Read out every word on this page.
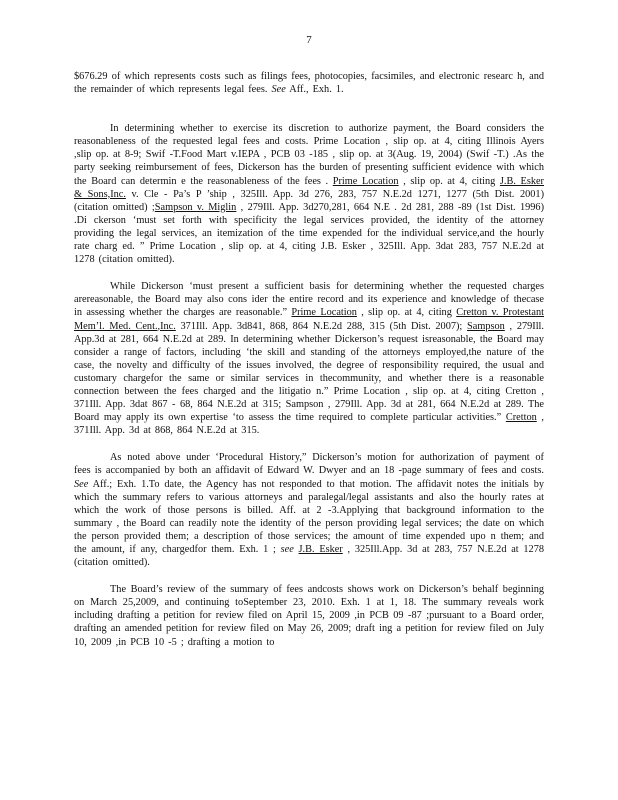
7

$676.29 of which represents costs such as filings fees, photocopies, facsimiles, and electronic researc h, and the remainder of which represents legal fees. See Aff., Exh. 1.

In determining whether to exercise its discretion to authorize payment, the Board considers the reasonableness of the requested legal fees and costs. Prime Location , slip op. at 4, citing Illinois Ayers ,slip op. at 8-9; Swif -T.Food Mart v.IEPA , PCB 03 -185 , slip op. at 3(Aug. 19, 2004) (Swif -T.) .As the party seeking reimbursement of fees, Dickerson has the burden of presenting sufficient evidence with which the Board can determin e the reasonableness of the fees . Prime Location , slip op. at 4, citing J.B. Esker & Sons,Inc. v. Cle - Pa’s P ’ship , 325Ill. App. 3d 276, 283, 757 N.E.2d 1271, 1277 (5th Dist. 2001) (citation omitted) ;Sampson v. Miglin , 279Ill. App. 3d270,281, 664 N.E . 2d 281, 288 -89 (1st Dist. 1996) .Di ckerson ‘must set forth with specificity the legal services provided, the identity of the attorney providing the legal services, an itemization of the time expended for the individual service,and the hourly rate charg ed. ” Prime Location , slip op. at 4, citing J.B. Esker , 325Ill. App. 3dat 283, 757 N.E.2d at 1278 (citation omitted).

While Dickerson ‘must present a sufficient basis for determining whether the requested charges arereasonable, the Board may also cons ider the entire record and its experience and knowledge of thecase in assessing whether the charges are reasonable.” Prime Location , slip op. at 4, citing Cretton v. Protestant Mem’l. Med. Cent.,Inc. 371Ill. App. 3d841, 868, 864 N.E.2d 288, 315 (5th Dist. 2007); Sampson , 279Ill. App.3d at 281, 664 N.E.2d at 289. In determining whether Dickerson’s request isreasonable, the Board may consider a range of factors, including ‘the skill and standing of the attorneys employed,the nature of the case, the novelty and difficulty of the issues involved, the degree of responsibility required, the usual and customary chargefor the same or similar services in thecommunity, and whether there is a reasonable connection between the fees charged and the litigatio n.” Prime Location , slip op. at 4, citing Cretton , 371Ill. App. 3dat 867 - 68, 864 N.E.2d at 315; Sampson , 279Ill. App. 3d at 281, 664 N.E.2d at 289. The Board may apply its own expertise ‘to assess the time required to complete particular activities.” Cretton , 371Ill. App. 3d at 868, 864 N.E.2d at 315.

As noted above under ‘Procedural History,” Dickerson’s motion for authorization of payment of fees is accompanied by both an affidavit of Edward W. Dwyer and an 18 -page summary of fees and costs. See Aff.; Exh. 1.To date, the Agency has not responded to that motion. The affidavit notes the initials by which the summary refers to various attorneys and paralegal/legal assistants and also the hourly rates at which the work of those persons is billed. Aff. at 2 -3.Applying that background information to the summary , the Board can readily note the identity of the person providing legal services; the date on which the person provided them; a description of those services; the amount of time expended upo n them; and the amount, if any, chargedfor them. Exh. 1 ; see J.B. Esker , 325Ill.App. 3d at 283, 757 N.E.2d at 1278 (citation omitted).

The Board’s review of the summary of fees andcosts shows work on Dickerson’s behalf beginning on March 25,2009, and continuing toSeptember 23, 2010. Exh. 1 at 1, 18. The summary reveals work including drafting a petition for review filed on April 15, 2009 ,in PCB 09 -87 ;pursuant to a Board order, drafting an amended petition for review filed on May 26, 2009; draft ing a petition for review filed on July 10, 2009 ,in PCB 10 -5 ; drafting a motion to
